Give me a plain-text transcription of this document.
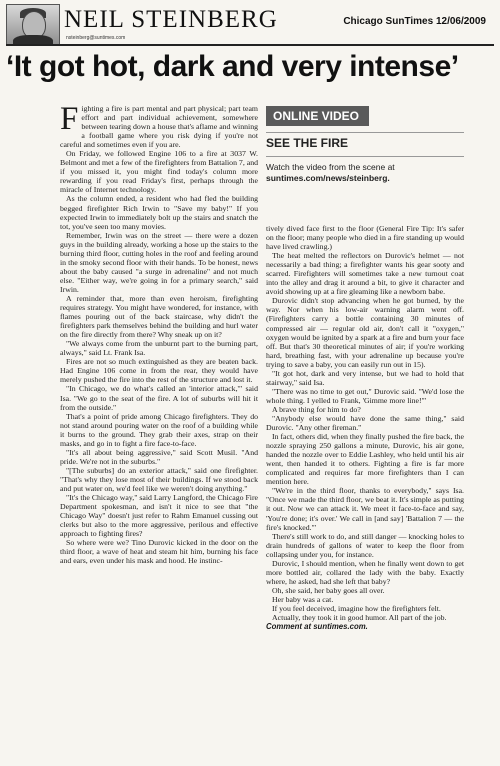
NEIL STEINBERG
nsteinberg@suntimes.com
Chicago SunTimes 12/06/2009
‘It got hot, dark and very intense’

Fighting a fire is part mental and part physical; part team effort and part individual achievement, somewhere between tearing down a house that's aflame and winning a football game where you risk dying if you're not careful and sometimes even if you are.

On Friday, we followed Engine 106 to a fire at 3037 W. Belmont and met a few of the firefighters from Battalion 7, and if you missed it, you might find today's column more rewarding if you read Friday's first, perhaps through the miracle of Internet technology.

As the column ended, a resident who had fled the building begged firefighter Rich Irwin to "Save my baby!" If you expected Irwin to immediately bolt up the stairs and snatch the tot, you've seen too many movies.

Remember, Irwin was on the street — there were a dozen guys in the building already, working a hose up the stairs to the burning third floor, cutting holes in the roof and feeling around in the smoky second floor with their hands. To be honest, news about the baby caused "a surge in adrenaline" and not much else. "Either way, we're going in for a primary search," said Irwin.

A reminder that, more than even heroism, firefighting requires strategy. You might have wondered, for instance, with flames pouring out of the back staircase, why didn't the firefighters park themselves behind the building and hurl water on the fire directly from there? Why sneak up on it?

"We always come from the unburnt part to the burning part, always," said Lt. Frank Isa.

Fires are not so much extinguished as they are beaten back. Had Engine 106 come in from the rear, they would have merely pushed the fire into the rest of the structure and lost it.

"In Chicago, we do what's called an 'interior attack,'" said Isa. "We go to the seat of the fire. A lot of suburbs will hit it from the outside."

That's a point of pride among Chicago firefighters. They do not stand around pouring water on the roof of a building while it burns to the ground. They grab their axes, strap on their masks, and go in to fight a fire face-to-face.

"It's all about being aggressive," said Scott Musil. "And pride. We're not in the suburbs."

"[The suburbs] do an exterior attack," said one firefighter. "That's why they lose most of their buildings. If we stood back and put water on, we'd feel like we weren't doing anything."

"It's the Chicago way," said Larry Langford, the Chicago Fire Department spokesman, and isn't it nice to see that "the Chicago Way" doesn't just refer to Rahm Emanuel cussing out clerks but also to the more aggressive, perilous and effective approach to fighting fires?

So where were we? Tino Durovic kicked in the door on the third floor, a wave of heat and steam hit him, burning his face and ears, even under his mask and hood. He instinc-

ONLINE VIDEO
SEE THE FIRE
Watch the video from the scene at suntimes.com/news/steinberg.

tively dived face first to the floor (General Fire Tip: It's safer on the floor; many people who died in a fire standing up would have lived crawling.)

The heat melted the reflectors on Durovic's helmet — not necessarily a bad thing; a firefighter wants his gear sooty and scarred. Firefighters will sometimes take a new turnout coat into the alley and drag it around a bit, to give it character and avoid showing up at a fire gleaming like a newborn babe.

Durovic didn't stop advancing when he got burned, by the way. Nor when his low-air warning alarm went off. (Firefighters carry a bottle containing 30 minutes of compressed air — regular old air, don't call it "oxygen," oxygen would be ignited by a spark at a fire and burn your face off. But that's 30 theoretical minutes of air; if you're working hard, breathing fast, with your adrenaline up because you're trying to save a baby, you can easily run out in 15).

"It got hot, dark and very intense, but we had to hold that stairway," said Isa.

"There was no time to get out," Durovic said. "We'd lose the whole thing. I yelled to Frank, 'Gimme more line!'"

A brave thing for him to do?

"Anybody else would have done the same thing," said Durovic. "Any other fireman."

In fact, others did, when they finally pushed the fire back, the nozzle spraying 250 gallons a minute, Durovic, his air gone, handed the nozzle over to Eddie Lashley, who held until his air went, then handed it to others. Fighting a fire is far more complicated and requires far more firefighters than I can mention here.

"We're in the third floor, thanks to everybody," says Isa. "Once we made the third floor, we beat it. It's simple as putting it out. Now we can attack it. We meet it face-to-face and say, 'You're done; it's over.' We call in [and say] 'Battalion 7 — the fire's knocked.'"

There's still work to do, and still danger — knocking holes to drain hundreds of gallons of water to keep the floor from collapsing under you, for instance.

Durovic, I should mention, when he finally went down to get more bottled air, collared the lady with the baby. Exactly where, he asked, had she left that baby?

Oh, she said, her baby goes all over.

Her baby was a cat.

If you feel deceived, imagine how the firefighters felt.

Actually, they took it in good humor. All part of the job.

Comment at suntimes.com.
